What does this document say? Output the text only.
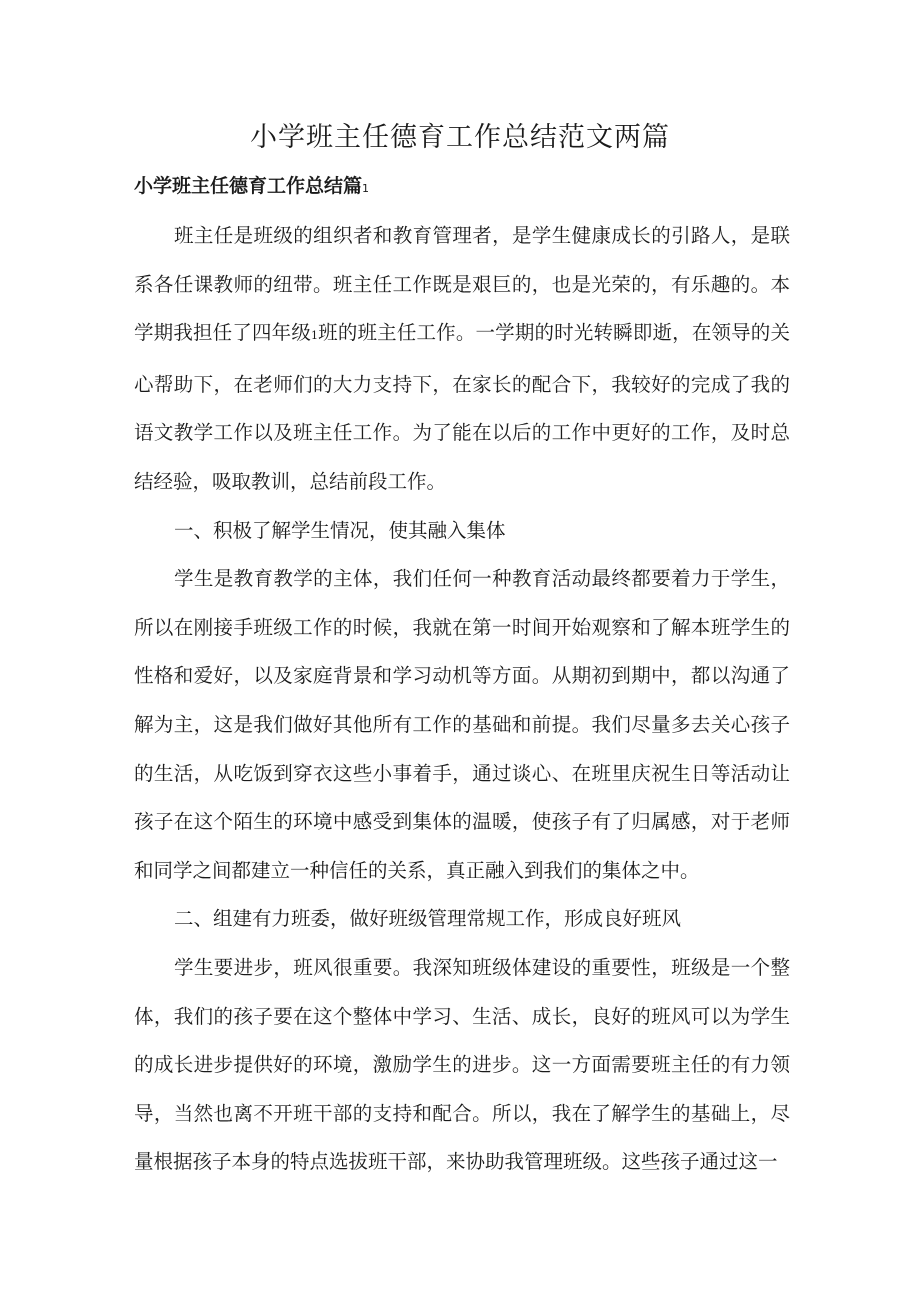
小学班主任德育工作总结范文两篇
小学班主任德育工作总结篇1

班主任是班级的组织者和教育管理者，是学生健康成长的引路人，是联系各任课教师的纽带。班主任工作既是艰巨的，也是光荣的，有乐趣的。本学期我担任了四年级1班的班主任工作。一学期的时光转瞬即逝，在领导的关心帮助下，在老师们的大力支持下，在家长的配合下，我较好的完成了我的语文教学工作以及班主任工作。为了能在以后的工作中更好的工作，及时总结经验，吸取教训，总结前段工作。

一、积极了解学生情况，使其融入集体

学生是教育教学的主体，我们任何一种教育活动最终都要着力于学生，所以在刚接手班级工作的时候，我就在第一时间开始观察和了解本班学生的性格和爱好，以及家庭背景和学习动机等方面。从期初到期中，都以沟通了解为主，这是我们做好其他所有工作的基础和前提。我们尽量多去关心孩子的生活，从吃饭到穿衣这些小事着手，通过谈心、在班里庆祝生日等活动让孩子在这个陌生的环境中感受到集体的温暖，使孩子有了归属感，对于老师和同学之间都建立一种信任的关系，真正融入到我们的集体之中。

二、组建有力班委，做好班级管理常规工作，形成良好班风

学生要进步，班风很重要。我深知班级体建设的重要性，班级是一个整体，我们的孩子要在这个整体中学习、生活、成长，良好的班风可以为学生的成长进步提供好的环境，激励学生的进步。这一方面需要班主任的有力领导，当然也离不开班干部的支持和配合。所以，我在了解学生的基础上，尽量根据孩子本身的特点选拔班干部，来协助我管理班级。这些孩子通过这一
